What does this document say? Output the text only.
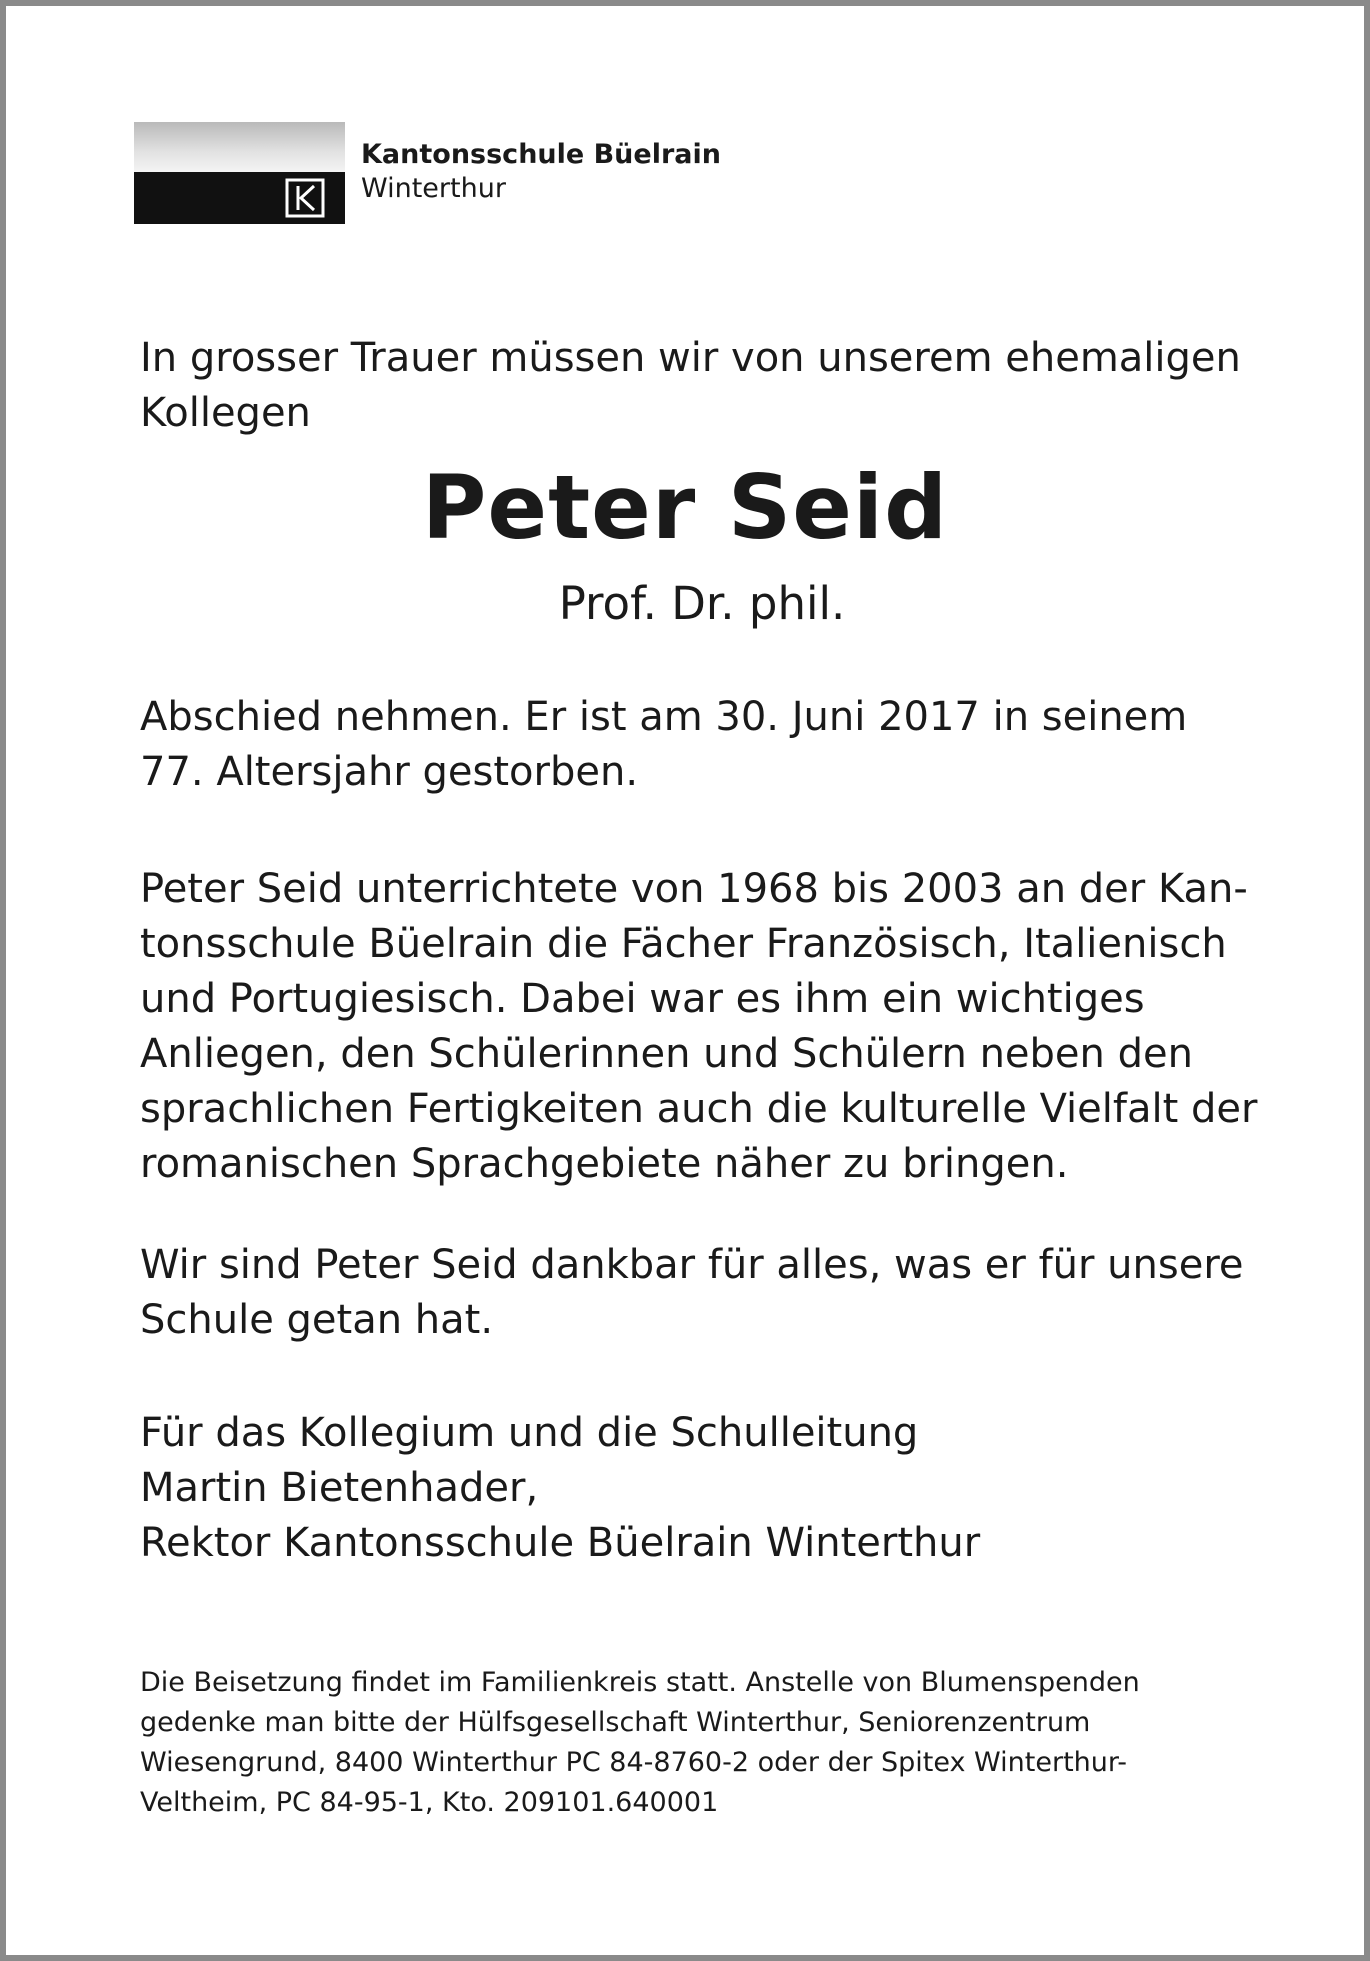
Kantonsschule Büelrain
Winterthur

In grosser Trauer müssen wir von unserem ehemaligen
Kollegen

Peter Seid
Prof. Dr. phil.

Abschied nehmen. Er ist am 30. Juni 2017 in seinem
77. Altersjahr gestorben.

Peter Seid unterrichtete von 1968 bis 2003 an der Kan-
tonsschule Büelrain die Fächer Französisch, Italienisch
und Portugiesisch. Dabei war es ihm ein wichtiges
Anliegen, den Schülerinnen und Schülern neben den
sprachlichen Fertigkeiten auch die kulturelle Vielfalt der
romanischen Sprachgebiete näher zu bringen.

Wir sind Peter Seid dankbar für alles, was er für unsere
Schule getan hat.

Für das Kollegium und die Schulleitung
Martin Bietenhader,
Rektor Kantonsschule Büelrain Winterthur

Die Beisetzung findet im Familienkreis statt. Anstelle von Blumenspenden
gedenke man bitte der Hülfsgesellschaft Winterthur, Seniorenzentrum
Wiesengrund, 8400 Winterthur PC 84-8760-2 oder der Spitex Winterthur-
Veltheim, PC 84-95-1, Kto. 209101.640001
